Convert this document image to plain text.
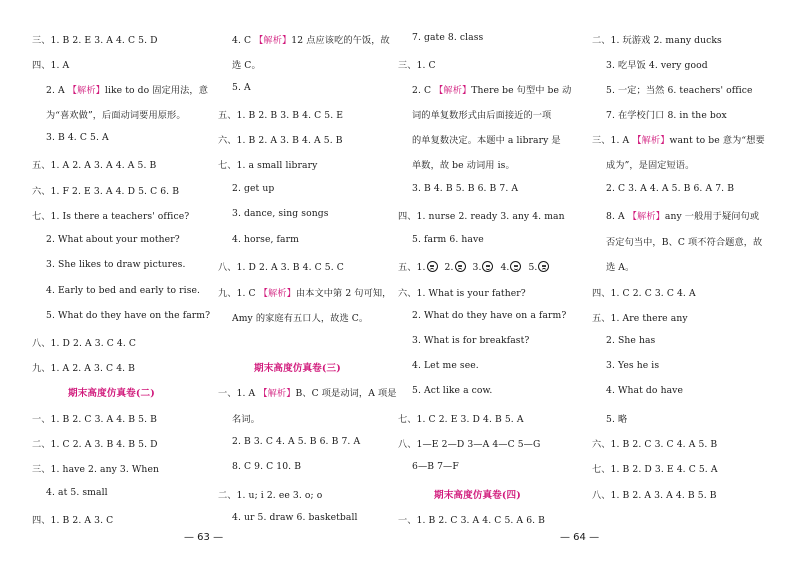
三、1. B 2. E 3. A 4. C 5. D
四、1. A
2. A 【解析】like to do 固定用法，意
为“喜欢做”，后面动词要用原形。
3. B 4. C 5. A
五、1. A 2. A 3. A 4. A 5. B
六、1. F 2. E 3. A 4. D 5. C 6. B
七、1. Is there a teachers' office?
2. What about your mother?
3. She likes to draw pictures.
4. Early to bed and early to rise.
5. What do they have on the farm?
八、1. D 2. A 3. C 4. C
九、1. A 2. A 3. C 4. B
期末高度仿真卷(二)
一、1. B 2. C 3. A 4. B 5. B
二、1. C 2. A 3. B 4. B 5. D
三、1. have 2. any 3. When
4. at 5. small
四、1. B 2. A 3. C
4. C 【解析】12 点应该吃的午饭，故
选 C。
5. A
五、1. B 2. B 3. B 4. C 5. E
六、1. B 2. A 3. B 4. A 5. B
七、1. a small library
2. get up
3. dance, sing songs
4. horse, farm
八、1. D 2. A 3. B 4. C 5. C
九、1. C 【解析】由本文中第 2 句可知，
Amy 的家庭有五口人，故选 C。
期末高度仿真卷(三)
一、1. A 【解析】B、C 项是动词，A 项是
名词。
2. B 3. C 4. A 5. B 6. B 7. A
8. C 9. C 10. B
二、1. u; i 2. ee 3. o; o
4. ur 5. draw 6. basketball
7. gate 8. class
三、1. C
2. C 【解析】There be 句型中 be 动
词的单复数形式由后面接近的一项
的单复数决定。本题中 a library 是
单数，故 be 动词用 is。
3. B 4. B 5. B 6. B 7. A
四、1. nurse 2. ready 3. any 4. man
5. farm 6. have
五、1. 2. 3. 4. 5.
六、1. What is your father?
2. What do they have on a farm?
3. What is for breakfast?
4. Let me see.
5. Act like a cow.
七、1. C 2. E 3. D 4. B 5. A
八、1—E 2—D 3—A 4—C 5—G
6—B 7—F
期末高度仿真卷(四)
一、1. B 2. C 3. A 4. C 5. A 6. B
二、1. 玩游戏 2. many ducks
3. 吃早饭 4. very good
5. 一定；当然 6. teachers' office
7. 在学校门口 8. in the box
三、1. A 【解析】want to be 意为“想要
成为”，是固定短语。
2. C 3. A 4. A 5. B 6. A 7. B
8. A 【解析】any 一般用于疑问句或
否定句当中，B、C 项不符合题意，故
选 A。
四、1. C 2. C 3. C 4. A
五、1. Are there any
2. She has
3. Yes he is
4. What do have
5. 略
六、1. B 2. C 3. C 4. A 5. B
七、1. B 2. D 3. E 4. C 5. A
八、1. B 2. A 3. A 4. B 5. B
— 63 —	— 64 —
